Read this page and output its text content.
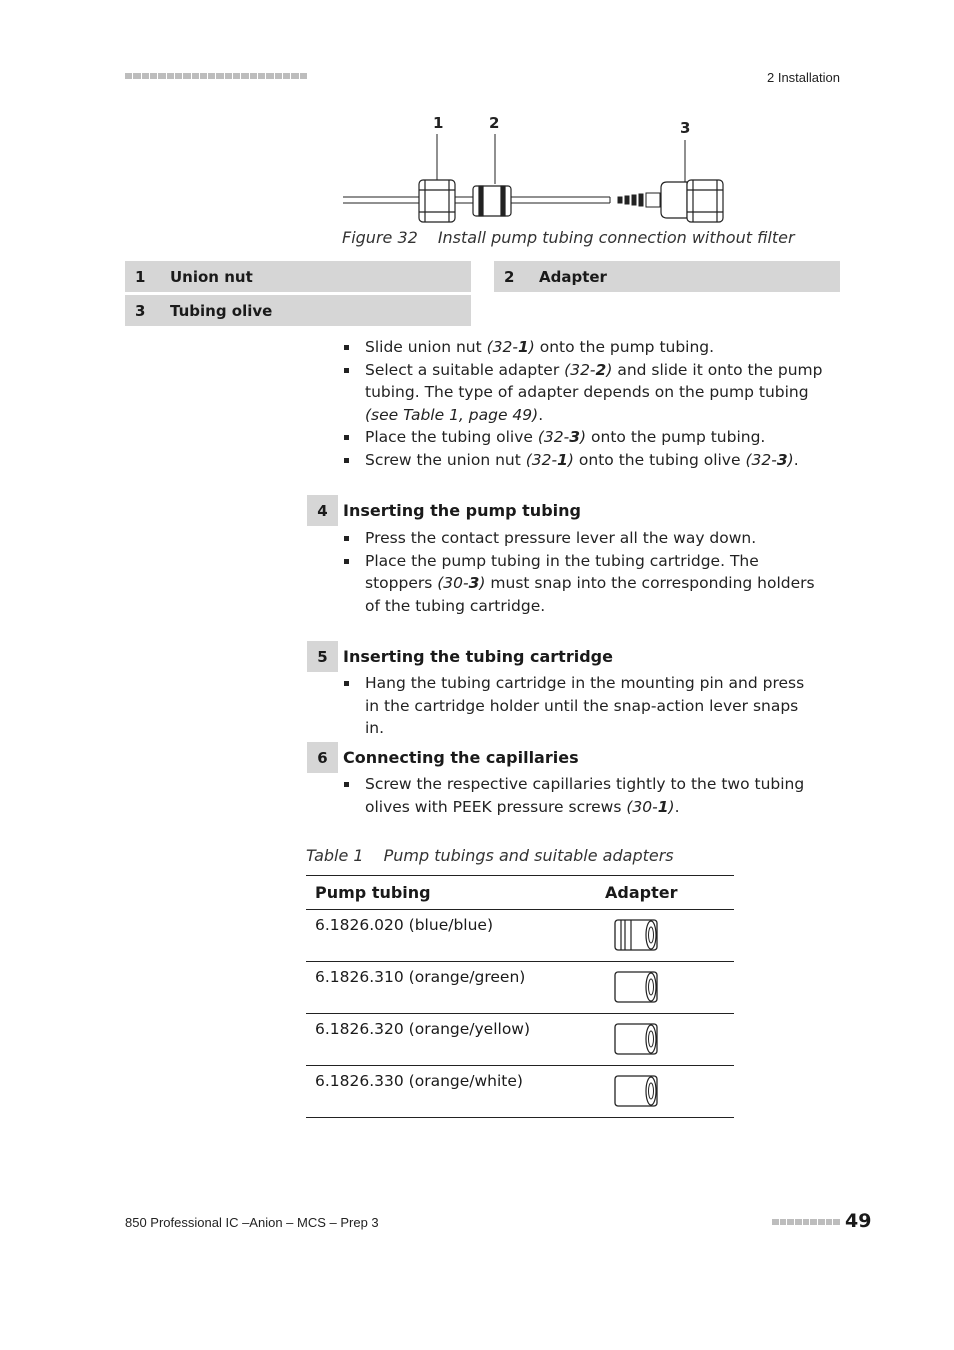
2 Installation
1	2	3
Figure 32 Install pump tubing connection without filter
1	Union nut	2	Adapter
3	Tubing olive
Slide union nut (32-1) onto the pump tubing.
Select a suitable adapter (32-2) and slide it onto the pump tubing. The type of adapter depends on the pump tubing (see Table 1, page 49).
Place the tubing olive (32-3) onto the pump tubing.
Screw the union nut (32-1) onto the tubing olive (32-3).
4 Inserting the pump tubing
Press the contact pressure lever all the way down.
Place the pump tubing in the tubing cartridge. The stoppers (30-3) must snap into the corresponding holders of the tubing cartridge.
5 Inserting the tubing cartridge
Hang the tubing cartridge in the mounting pin and press in the cartridge holder until the snap-action lever snaps in.
6 Connecting the capillaries
Screw the respective capillaries tightly to the two tubing olives with PEEK pressure screws (30-1).
Table 1 Pump tubings and suitable adapters
Pump tubing	Adapter
6.1826.020 (blue/blue)
6.1826.310 (orange/green)
6.1826.320 (orange/yellow)
6.1826.330 (orange/white)
850 Professional IC –Anion – MCS – Prep 3	49
